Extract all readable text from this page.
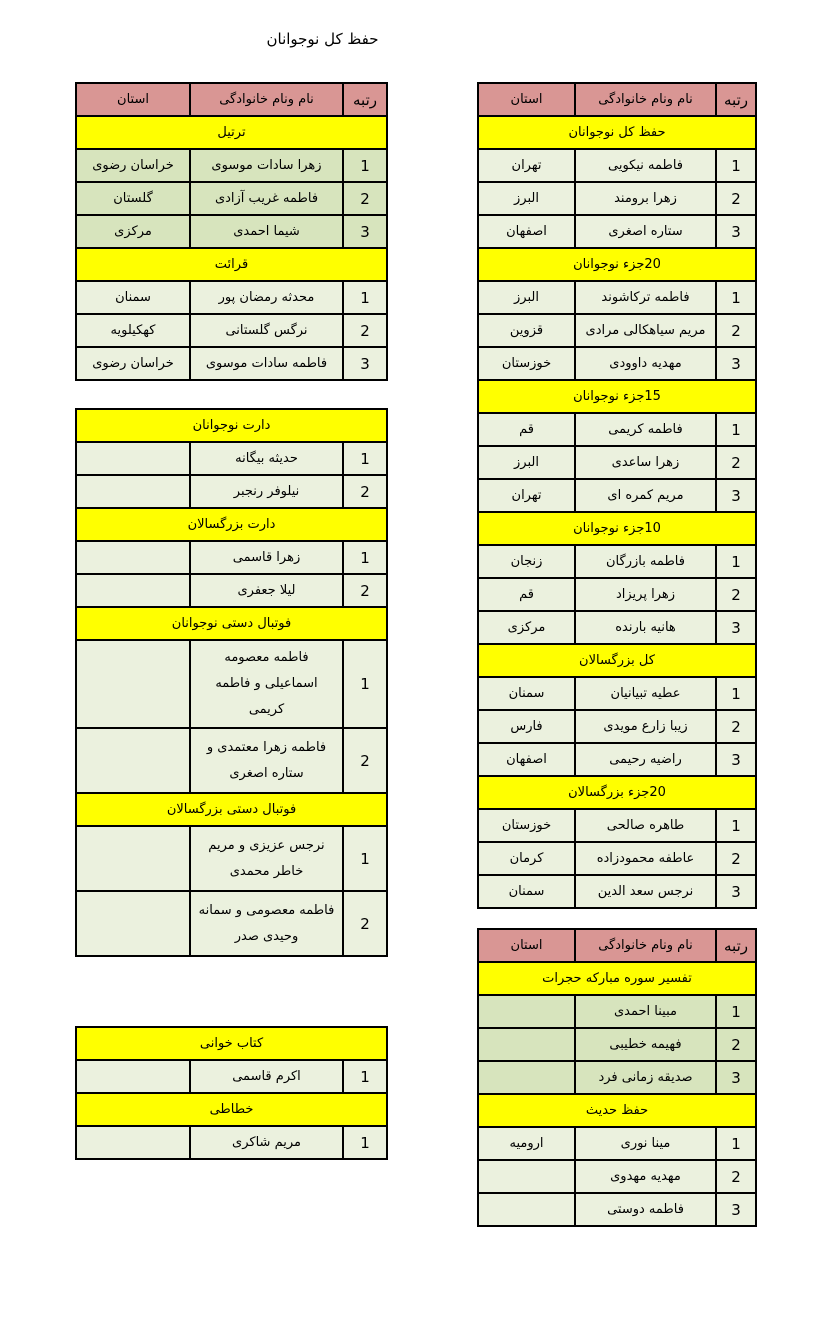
حفظ کل نوجوانان
رتبه	نام ونام خانوادگی	استان
حفظ کل نوجوانان		
1	فاطمه نیکویی	تهران
2	زهرا برومند	البرز
3	ستاره اصغری	اصفهان
20جزء نوجوانان		
1	فاطمه ترکاشوند	البرز
2	مریم سیاهکالی مرادی	قزوین
3	مهدیه داوودی	خوزستان
15جزء نوجوانان		
1	فاطمه کریمی	قم
2	زهرا ساعدی	البرز
3	مریم کمره ای	تهران
10جزء نوجوانان		
1	فاطمه بازرگان	زنجان
2	زهرا پریزاد	قم
3	هانیه بارنده	مرکزی
کل بزرگسالان		
1	عطیه تبیانیان	سمنان
2	زیبا زارع مویدی	فارس
3	راضیه رحیمی	اصفهان
20جزء بزرگسالان		
1	طاهره صالحی	خوزستان
2	عاطفه محمودزاده	کرمان
3	نرجس سعد الدین	سمنان
رتبه	نام ونام خانوادگی	استان
ترتیل		
1	زهرا سادات موسوی	خراسان رضوی
2	فاطمه غریب آزادی	گلستان
3	شیما احمدی	مرکزی
قرائت		
1	محدثه رمضان پور	سمنان
2	نرگس گلستانی	کهکیلویه
3	فاطمه سادات موسوی	خراسان رضوی
دارت نوجوانان		
1	حدیثه بیگانه	
2	نیلوفر رنجبر	
دارت بزرگسالان		
1	زهرا قاسمی	
2	لیلا جعفری	
فوتبال دستی نوجوانان		
1	فاطمه معصومه اسماعیلی و فاطمه کریمی	
2	فاطمه زهرا معتمدی و ستاره اصغری	
فوتبال دستی بزرگسالان		
1	نرجس عزیزی و مریم خاطر محمدی	
2	فاطمه معصومی و سمانه وحیدی صدر	
رتبه	نام ونام خانوادگی	استان
تفسیر سوره مبارکه حجرات		
1	مبینا احمدی	
2	فهیمه خطیبی	
3	صدیقه زمانی فرد	
حفظ حدیث		
1	مینا نوری	ارومیه
2	مهدیه مهدوی	
3	فاطمه دوستی	
کتاب خوانی		
1	اکرم قاسمی	
خطاطی		
1	مریم شاکری	
